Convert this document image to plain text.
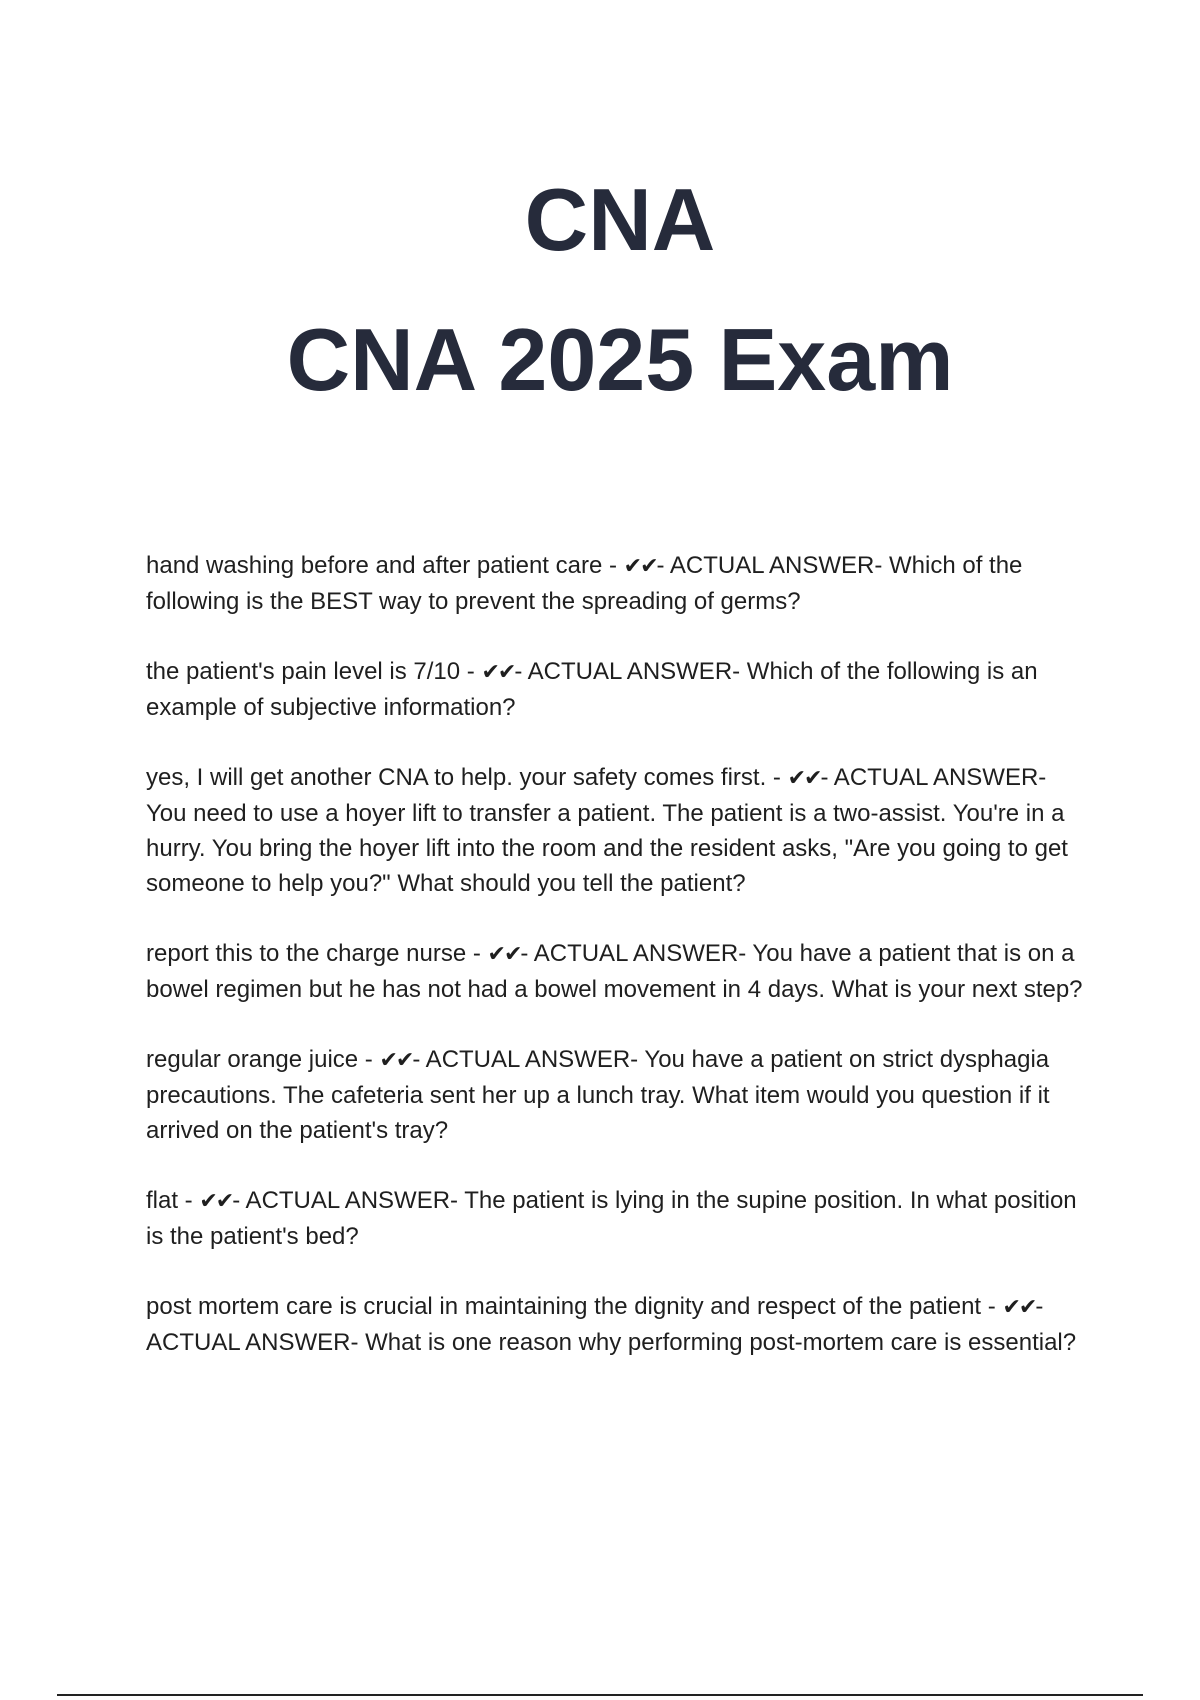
CNA
CNA 2025 Exam

hand washing before and after patient care - ✔✔- ACTUAL ANSWER- Which of the following is the BEST way to prevent the spreading of germs?

the patient's pain level is 7/10 - ✔✔- ACTUAL ANSWER- Which of the following is an example of subjective information?

yes, I will get another CNA to help. your safety comes first. - ✔✔- ACTUAL ANSWER- You need to use a hoyer lift to transfer a patient. The patient is a two-assist. You're in a hurry. You bring the hoyer lift into the room and the resident asks, "Are you going to get someone to help you?" What should you tell the patient?

report this to the charge nurse - ✔✔- ACTUAL ANSWER- You have a patient that is on a bowel regimen but he has not had a bowel movement in 4 days. What is your next step?

regular orange juice - ✔✔- ACTUAL ANSWER- You have a patient on strict dysphagia precautions. The cafeteria sent her up a lunch tray. What item would you question if it arrived on the patient's tray?

flat - ✔✔- ACTUAL ANSWER- The patient is lying in the supine position. In what position is the patient's bed?

post mortem care is crucial in maintaining the dignity and respect of the patient - ✔✔- ACTUAL ANSWER- What is one reason why performing post-mortem care is essential?
